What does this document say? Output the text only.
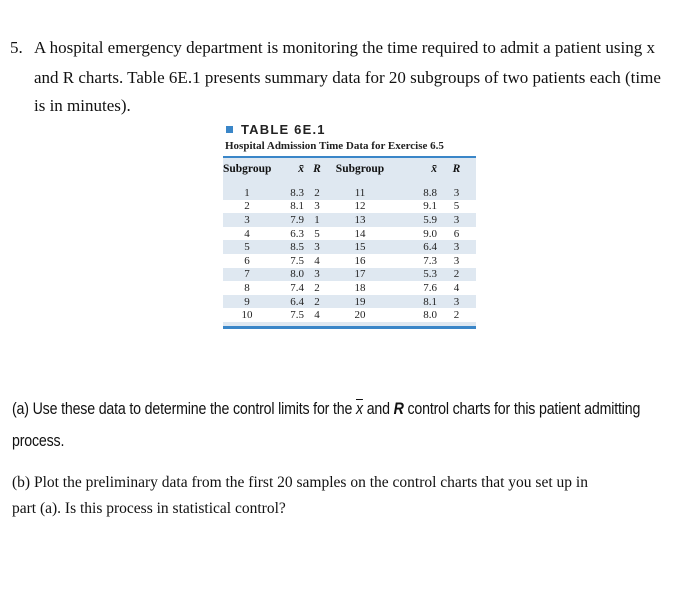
5. A hospital emergency department is monitoring the time required to admit a patient using x
and R charts. Table 6E.1 presents summary data for 20 subgroups of two patients each (time
is in minutes).
TABLE 6E.1
Hospital Admission Time Data for Exercise 6.5
Subgroup	x̄ R	Subgroup	x̄	R
1	8.3 2	11	8.8	3
2	8.1 3	12	9.1	5
3	7.9 1	13	5.9	3
4	6.3 5	14	9.0	6
5	8.5 3	15	6.4	3
6	7.5 4	16	7.3	3
7	8.0 3	17	5.3	2
8	7.4 2	18	7.6	4
9	6.4 2	19	8.1	3
10	7.5 4	20	8.0	2
(a) Use these data to determine the control limits for the $\overline{x}$ and R control charts for this patient admitting
process.
(b) Plot the preliminary data from the first 20 samples on the control charts that you set up in
part (a). Is this process in statistical control?
